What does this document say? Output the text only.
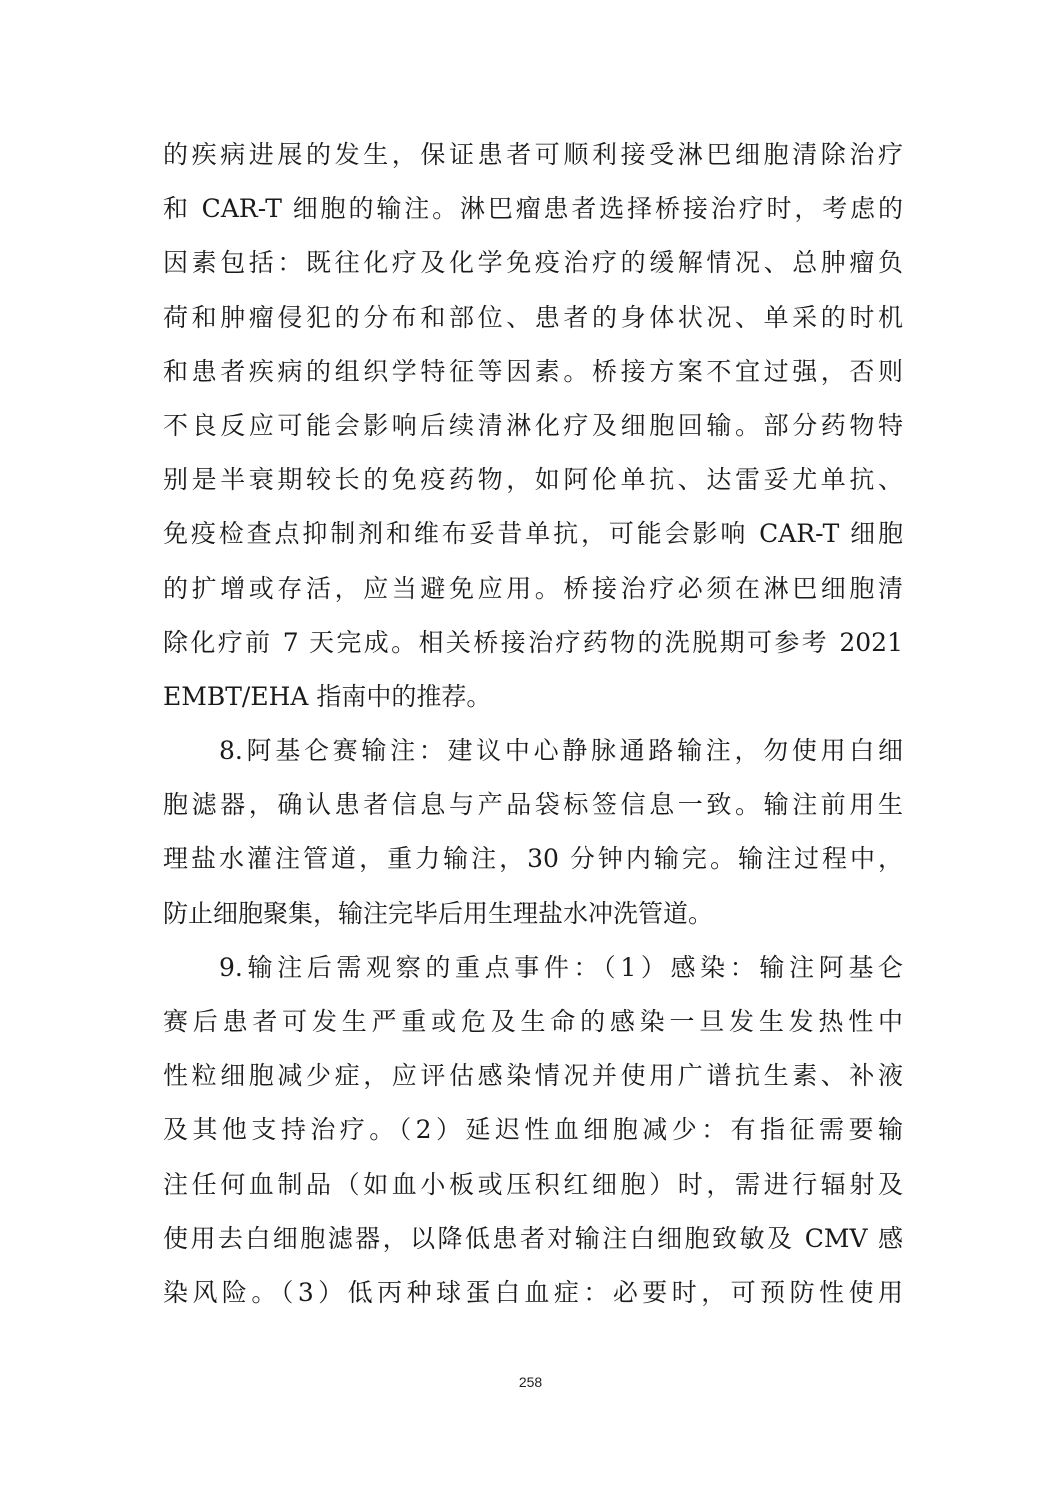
的疾病进展的发生，保证患者可顺利接受淋巴细胞清除治疗
和 CAR-T 细胞的输注。淋巴瘤患者选择桥接治疗时，考虑的
因素包括：既往化疗及化学免疫治疗的缓解情况、总肿瘤负
荷和肿瘤侵犯的分布和部位、患者的身体状况、单采的时机
和患者疾病的组织学特征等因素。桥接方案不宜过强，否则
不良反应可能会影响后续清淋化疗及细胞回输。部分药物特
别是半衰期较长的免疫药物，如阿伦单抗、达雷妥尤单抗、
免疫检查点抑制剂和维布妥昔单抗，可能会影响 CAR-T 细胞
的扩增或存活，应当避免应用。桥接治疗必须在淋巴细胞清
除化疗前 7 天完成。相关桥接治疗药物的洗脱期可参考 2021
EMBT/EHA 指南中的推荐。
8.阿基仑赛输注：建议中心静脉通路输注，勿使用白细
胞滤器，确认患者信息与产品袋标签信息一致。输注前用生
理盐水灌注管道，重力输注，30 分钟内输完。输注过程中，
防止细胞聚集，输注完毕后用生理盐水冲洗管道。
9.输注后需观察的重点事件：（1）感染：输注阿基仑
赛后患者可发生严重或危及生命的感染一旦发生发热性中
性粒细胞减少症，应评估感染情况并使用广谱抗生素、补液
及其他支持治疗。（2）延迟性血细胞减少：有指征需要输
注任何血制品（如血小板或压积红细胞）时，需进行辐射及
使用去白细胞滤器，以降低患者对输注白细胞致敏及 CMV 感
染风险。（3）低丙种球蛋白血症：必要时，可预防性使用
258
